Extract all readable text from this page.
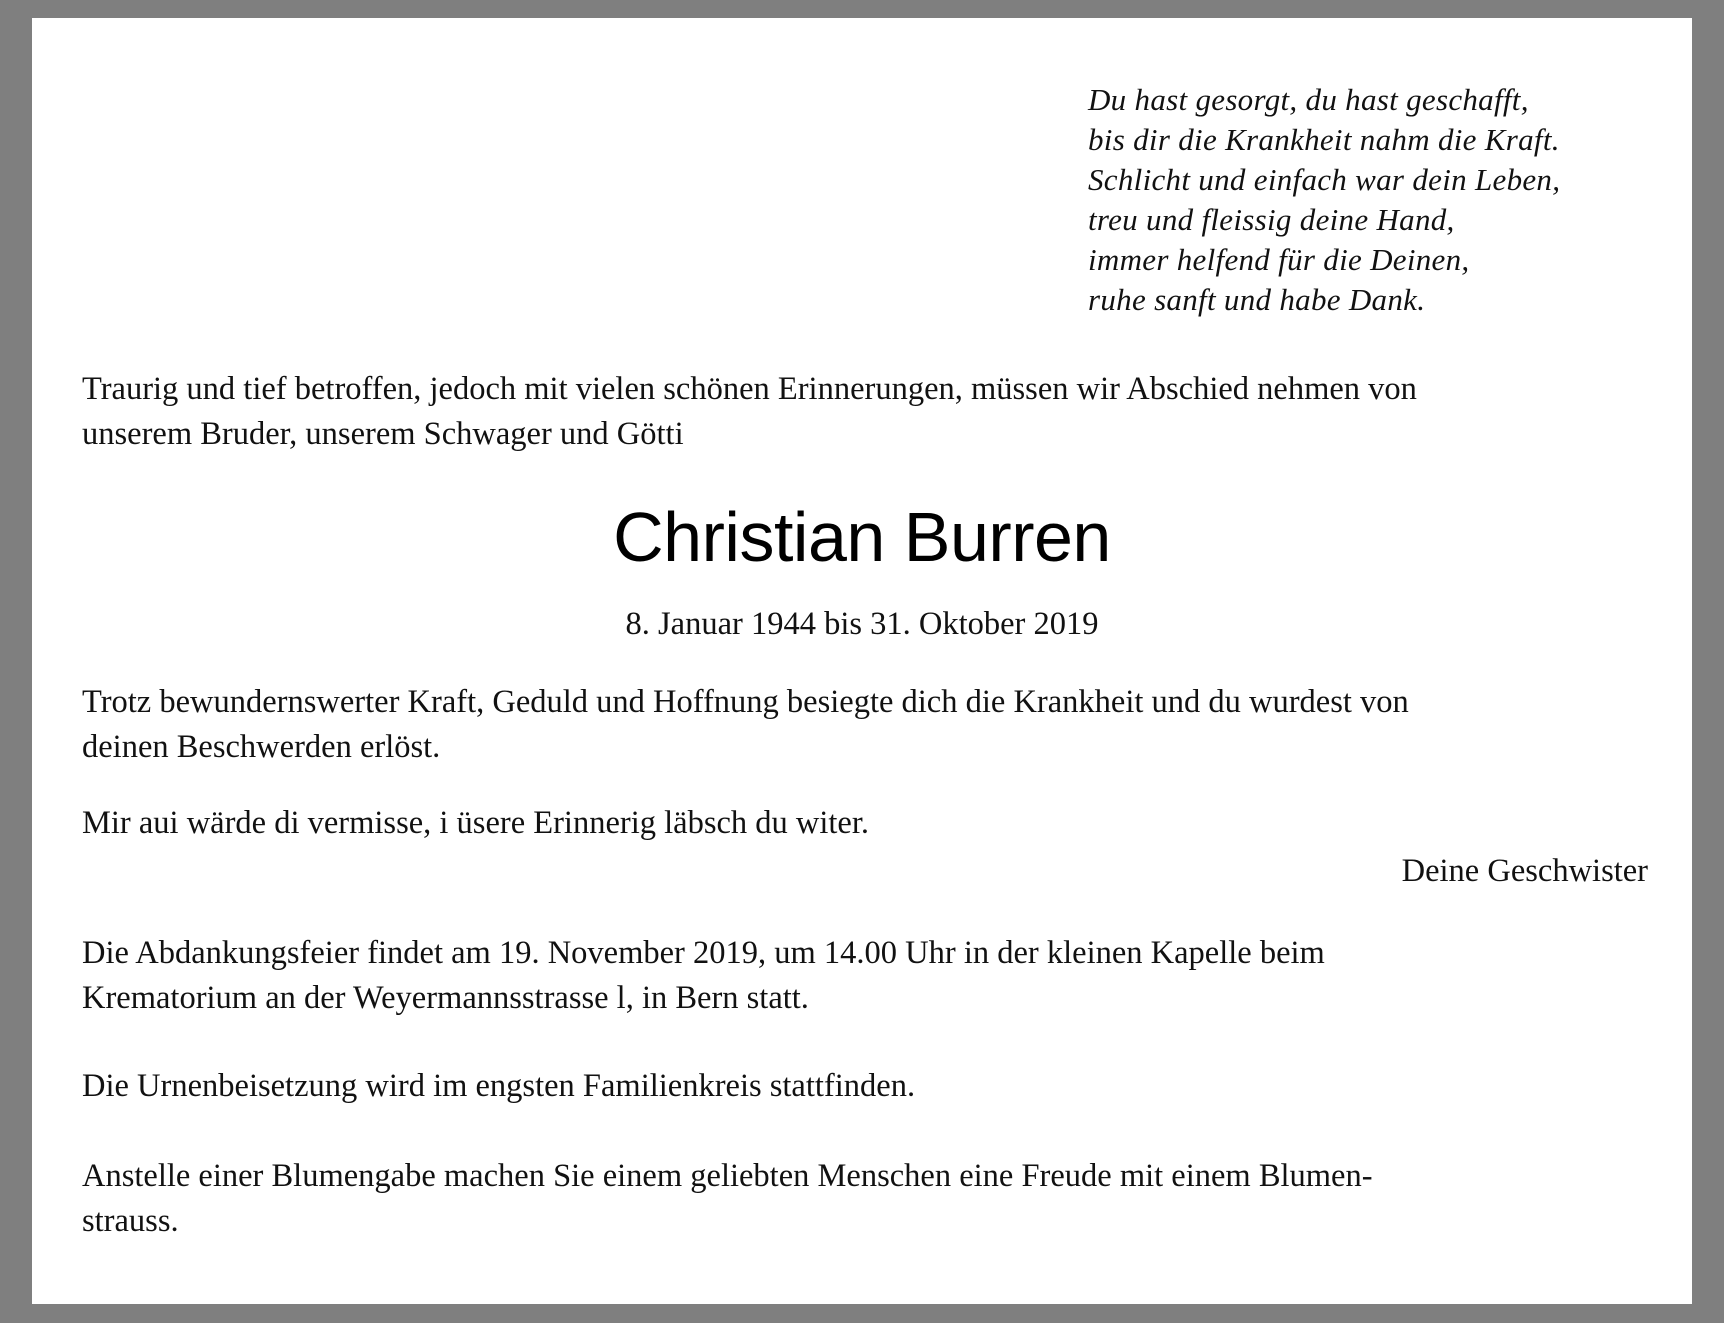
Du hast gesorgt, du hast geschafft,
bis dir die Krankheit nahm die Kraft.
Schlicht und einfach war dein Leben,
treu und fleissig deine Hand,
immer helfend für die Deinen,
ruhe sanft und habe Dank.
Traurig und tief betroffen, jedoch mit vielen schönen Erinnerungen, müssen wir Abschied nehmen von
unserem Bruder, unserem Schwager und Götti
Christian Burren
8. Januar 1944 bis 31. Oktober 2019
Trotz bewundernswerter Kraft, Geduld und Hoffnung besiegte dich die Krankheit und du wurdest von
deinen Beschwerden erlöst.
Mir aui wärde di vermisse, i üsere Erinnerig läbsch du witer.
Deine Geschwister
Die Abdankungsfeier findet am 19. November 2019, um 14.00 Uhr in der kleinen Kapelle beim
Krematorium an der Weyermannsstrasse l, in Bern statt.
Die Urnenbeisetzung wird im engsten Familienkreis stattfinden.
Anstelle einer Blumengabe machen Sie einem geliebten Menschen eine Freude mit einem Blumen-
strauss.
